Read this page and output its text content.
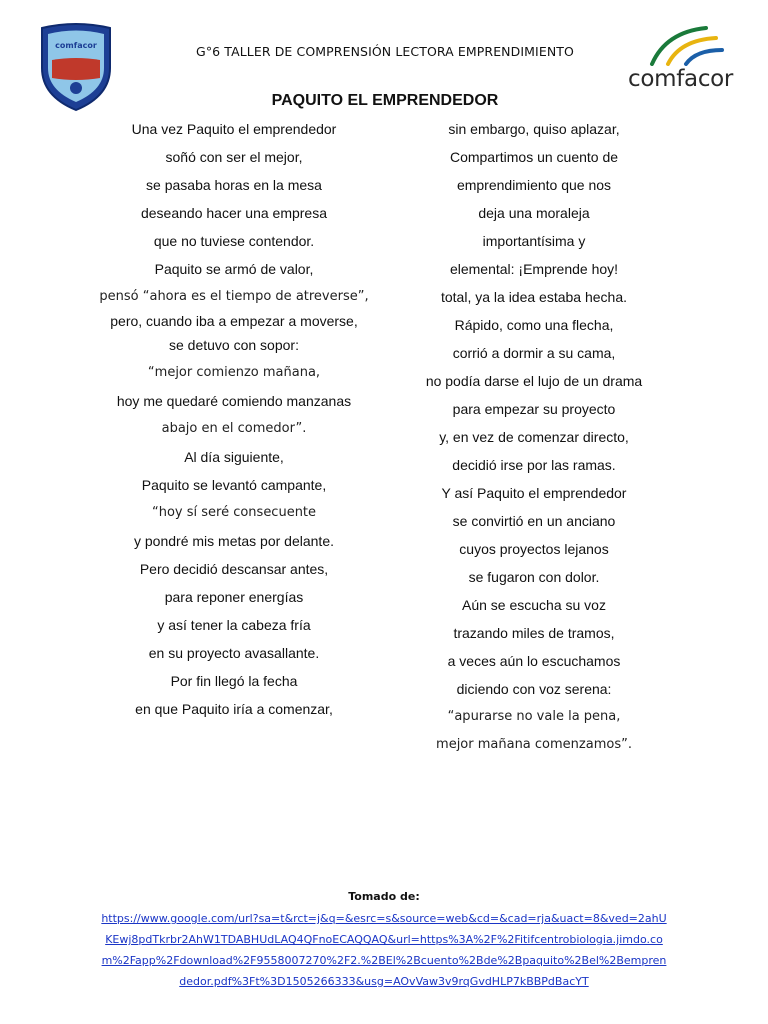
comfacor	G°6 TALLER DE COMPRENSIÓN LECTORA EMPRENDIMIENTO
comfacor
PAQUITO EL EMPRENDEDOR
Una vez Paquito el emprendedor
soñó con ser el mejor,
se pasaba horas en la mesa
deseando hacer una empresa
que no tuviese contendor.
Paquito se armó de valor,
pensó “ahora es el tiempo de atreverse”,
pero, cuando iba a empezar a moverse,
se detuvo con sopor:
“mejor comienzo mañana,
hoy me quedaré comiendo manzanas
abajo en el comedor”.
Al día siguiente,
Paquito se levantó campante,
“hoy sí seré consecuente
y pondré mis metas por delante.
Pero decidió descansar antes,
para reponer energías
y así tener la cabeza fría
en su proyecto avasallante.
Por fin llegó la fecha
en que Paquito iría a comenzar,
sin embargo, quiso aplazar,
Compartimos un cuento de
emprendimiento que nos
deja una moraleja
importantísima y
elemental: ¡Emprende hoy!
total, ya la idea estaba hecha.
Rápido, como una flecha,
corrió a dormir a su cama,
no podía darse el lujo de un drama
para empezar su proyecto
y, en vez de comenzar directo,
decidió irse por las ramas.
Y así Paquito el emprendedor
se convirtió en un anciano
cuyos proyectos lejanos
se fugaron con dolor.
Aún se escucha su voz
trazando miles de tramos,
a veces aún lo escuchamos
diciendo con voz serena:
“apurarse no vale la pena,
mejor mañana comenzamos”.
Tomado de:
https://www.google.com/url?sa=t&rct=j&q=&esrc=s&source=web&cd=&cad=rja&uact=8&ved=2ahUKEwj8pdTkrbr2AhW1TDABHUdLAQ4QFnoECAQQAQ&url=https%3A%2F%2Fitifcentrobiologia.jimdo.com%2Fapp%2Fdownload%2F9558007270%2F2.%2BEl%2Bcuento%2Bde%2Bpaquito%2Bel%2Bemprendedor.pdf%3Ft%3D1505266333&usg=AOvVaw3v9rqGvdHLP7kBBPdBacYT
